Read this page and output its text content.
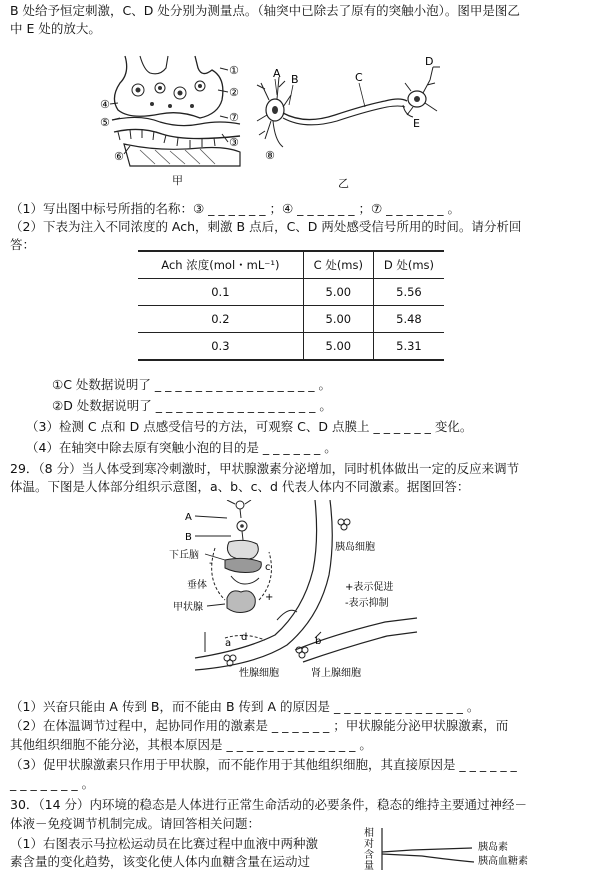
B 处给予恒定刺激，C、D 处分别为测量点。（轴突中已除去了原有的突触小泡）。图甲是图乙
中 E 处的放大。
①
②
⑦
③
④
⑤
⑥
甲
A B	C
D
E
⑧
乙
（1）写出图中标号所指的名称：③ _ _ _ _ _ _ ；④ _ _ _ _ _ _ ；⑦ _ _ _ _ _ _ 。
（2）下表为注入不同浓度的 Ach，刺激 B 点后，C、D 两处感受信号所用的时间。请分析回
答：
Ach 浓度(mol・mL⁻¹)	C 处(ms)	D 处(ms)
0.1	5.00	5.56
0.2	5.00	5.48
0.3	5.00	5.31
①C 处数据说明了 _ _ _ _ _ _ _ _ _ _ _ _ _ _ _ _ 。
②D 处数据说明了 _ _ _ _ _ _ _ _ _ _ _ _ _ _ _ _ 。
（3）检测 C 点和 D 点感受信号的方法，可观察 C、D 点膜上 _ _ _ _ _ _ 变化。
（4）在轴突中除去原有突触小泡的目的是 _ _ _ _ _ _ 。
29．（8 分）当人体受到寒冷刺激时，甲状腺激素分泌增加，同时机体做出一定的反应来调节
体温。下图是人体部分组织示意图，a、b、c、d 代表人体内不同激素。据图回答：
A
B
下丘脑
垂体
甲状腺
胰岛细胞
+表示促进
-表示抑制
性腺细胞	肾上腺细胞
a	b
c
d
+
-
（1）兴奋只能由 A 传到 B，而不能由 B 传到 A 的原因是 _ _ _ _ _ _ _ _ _ _ _ _ _ 。
（2）在体温调节过程中，起协同作用的激素是 _ _ _ _ _ _ ；甲状腺能分泌甲状腺激素，而
其他组织细胞不能分泌，其根本原因是 _ _ _ _ _ _ _ _ _ _ _ _ _ 。
（3）促甲状腺激素只作用于甲状腺，而不能作用于其他组织细胞，其直接原因是 _ _ _ _ _ _
_ _ _ _ _ _ _ 。
30．（14 分）内环境的稳态是人体进行正常生命活动的必要条件，稳态的维持主要通过神经－
体液－免疫调节机制完成。请回答相关问题：
（1）右图表示马拉松运动员在比赛过程中血液中两种激
素含量的变化趋势，该变化使人体内血糖含量在运动过
相
对
含
量
胰岛素
胰高血糖素
